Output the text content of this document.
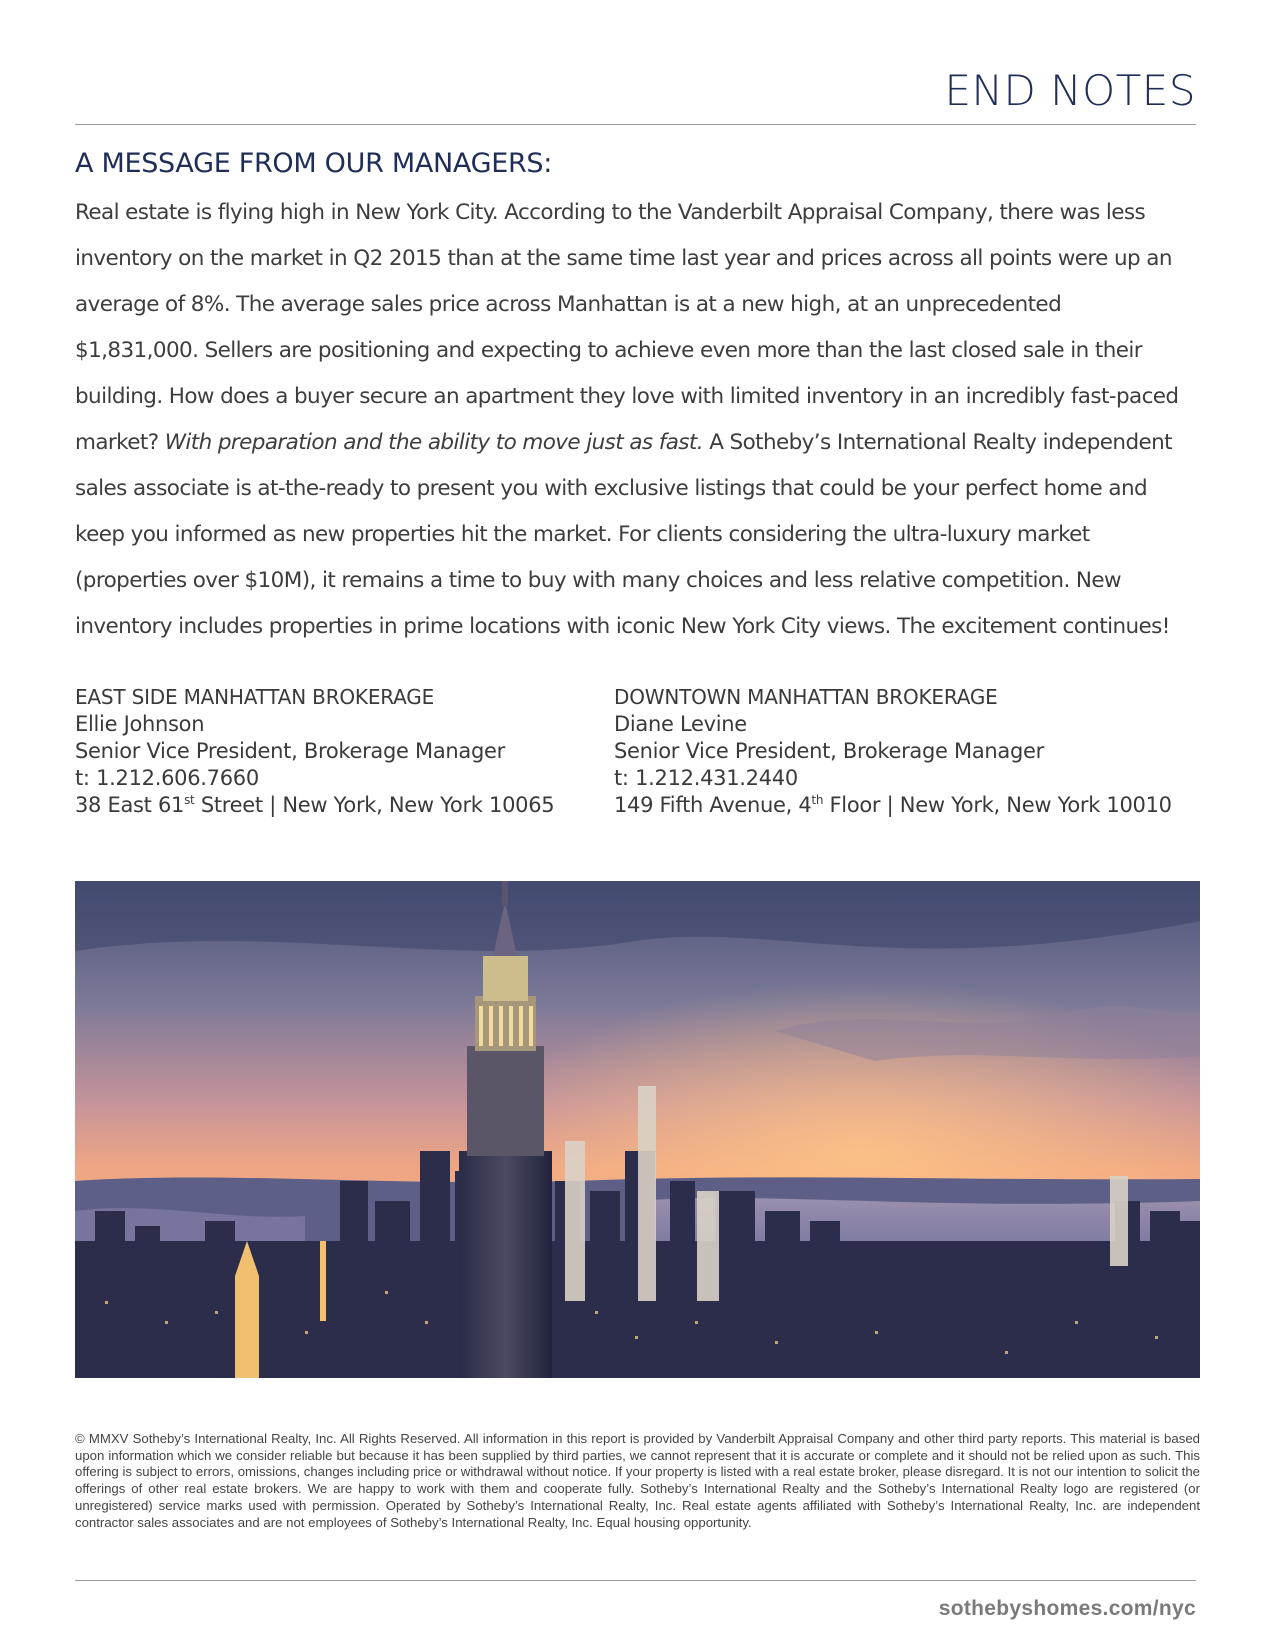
END NOTES
A MESSAGE FROM OUR MANAGERS:
Real estate is flying high in New York City. According to the Vanderbilt Appraisal Company, there was less inventory on the market in Q2 2015 than at the same time last year and prices across all points were up an average of 8%. The average sales price across Manhattan is at a new high, at an unprecedented $1,831,000. Sellers are positioning and expecting to achieve even more than the last closed sale in their building. How does a buyer secure an apartment they love with limited inventory in an incredibly fast-paced market? With preparation and the ability to move just as fast. A Sotheby’s International Realty independent sales associate is at-the-ready to present you with exclusive listings that could be your perfect home and keep you informed as new properties hit the market. For clients considering the ultra-luxury market (properties over $10M), it remains a time to buy with many choices and less relative competition. New inventory includes properties in prime locations with iconic New York City views. The excitement continues!
EAST SIDE MANHATTAN BROKERAGE
Ellie Johnson
Senior Vice President, Brokerage Manager
t: 1.212.606.7660
38 East 61st Street | New York, New York 10065
DOWNTOWN MANHATTAN BROKERAGE
Diane Levine
Senior Vice President, Brokerage Manager
t: 1.212.431.2440
149 Fifth Avenue, 4th Floor | New York, New York 10010
© MMXV Sotheby’s International Realty, Inc. All Rights Reserved. All information in this report is provided by Vanderbilt Appraisal Company and other third party reports. This material is based upon information which we consider reliable but because it has been supplied by third parties, we cannot represent that it is accurate or complete and it should not be relied upon as such. This offering is subject to errors, omissions, changes including price or withdrawal without notice. If your property is listed with a real estate broker, please disregard. It is not our intention to solicit the offerings of other real estate brokers. We are happy to work with them and cooperate fully. Sotheby’s International Realty and the Sotheby’s International Realty logo are registered (or unregistered) service marks used with permission. Operated by Sotheby’s International Realty, Inc. Real estate agents affiliated with Sotheby’s International Realty, Inc. are independent contractor sales associates and are not employees of Sotheby’s International Realty, Inc. Equal housing opportunity.
sothebyshomes.com/nyc
